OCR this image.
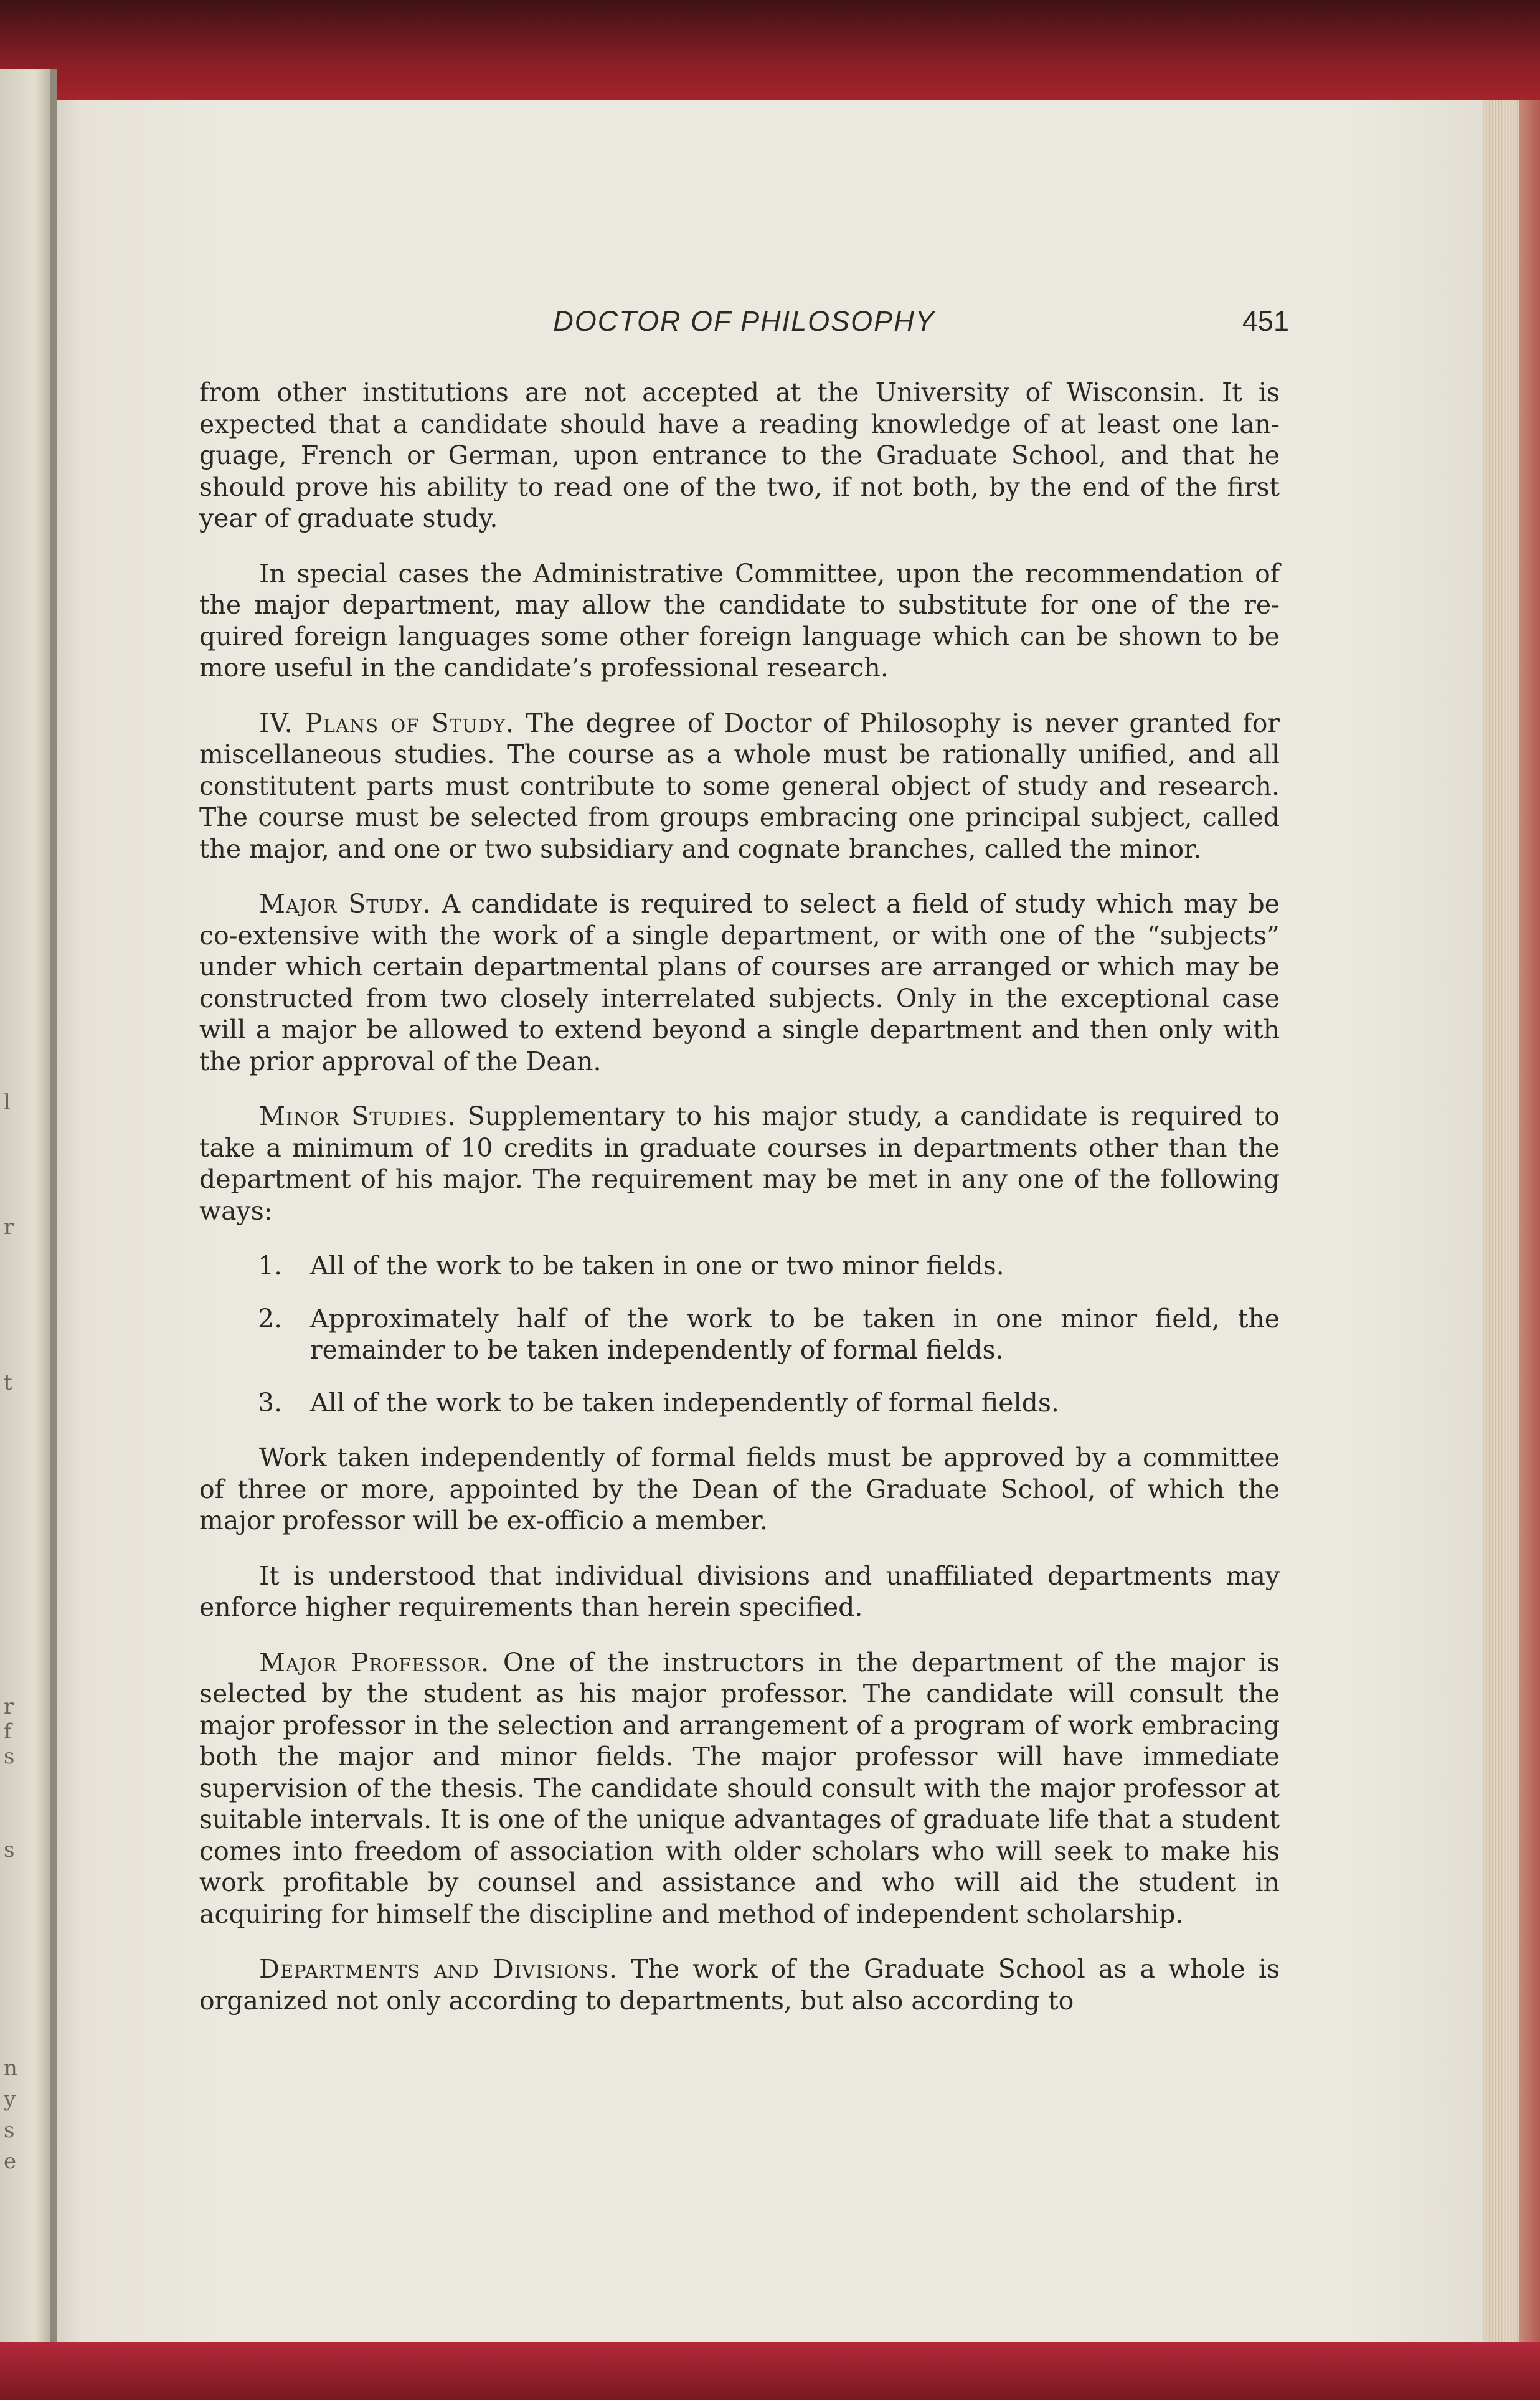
l
r
t
r
f
s
s
n
y
s
e
DOCTOR OF PHILOSOPHY	451

from other institutions are not accepted at the University of Wisconsin. It is expected that a candidate should have a reading knowledge of at least one language, French or German, upon entrance to the Graduate School, and that he should prove his ability to read one of the two, if not both, by the end of the first year of graduate study.

In special cases the Administrative Committee, upon the recommendation of the major department, may allow the candidate to substitute for one of the required foreign languages some other foreign language which can be shown to be more useful in the candidate’s professional research.

IV. Plans of Study. The degree of Doctor of Philosophy is never granted for miscellaneous studies. The course as a whole must be rationally unified, and all constitutent parts must contribute to some general object of study and research. The course must be selected from groups embracing one principal subject, called the major, and one or two subsidiary and cognate branches, called the minor.

Major Study. A candidate is required to select a field of study which may be co-extensive with the work of a single department, or with one of the “subjects” under which certain departmental plans of courses are arranged or which may be constructed from two closely interrelated subjects. Only in the exceptional case will a major be allowed to extend beyond a single department and then only with the prior approval of the Dean.

Minor Studies. Supplementary to his major study, a candidate is required to take a minimum of 10 credits in graduate courses in departments other than the department of his major. The requirement may be met in any one of the following ways:

1. All of the work to be taken in one or two minor fields.
2. Approximately half of the work to be taken in one minor field, the remainder to be taken independently of formal fields.
3. All of the work to be taken independently of formal fields.

Work taken independently of formal fields must be approved by a committee of three or more, appointed by the Dean of the Graduate School, of which the major professor will be ex-officio a member.

It is understood that individual divisions and unaffiliated departments may enforce higher requirements than herein specified.

Major Professor. One of the instructors in the department of the major is selected by the student as his major professor. The candidate will consult the major professor in the selection and arrangement of a program of work embracing both the major and minor fields. The major professor will have immediate supervision of the thesis. The candidate should consult with the major professor at suitable intervals. It is one of the unique advantages of graduate life that a student comes into freedom of association with older scholars who will seek to make his work profitable by counsel and assistance and who will aid the student in acquiring for himself the discipline and method of independent scholarship.

Departments and Divisions. The work of the Graduate School as a whole is organized not only according to departments, but also according to
